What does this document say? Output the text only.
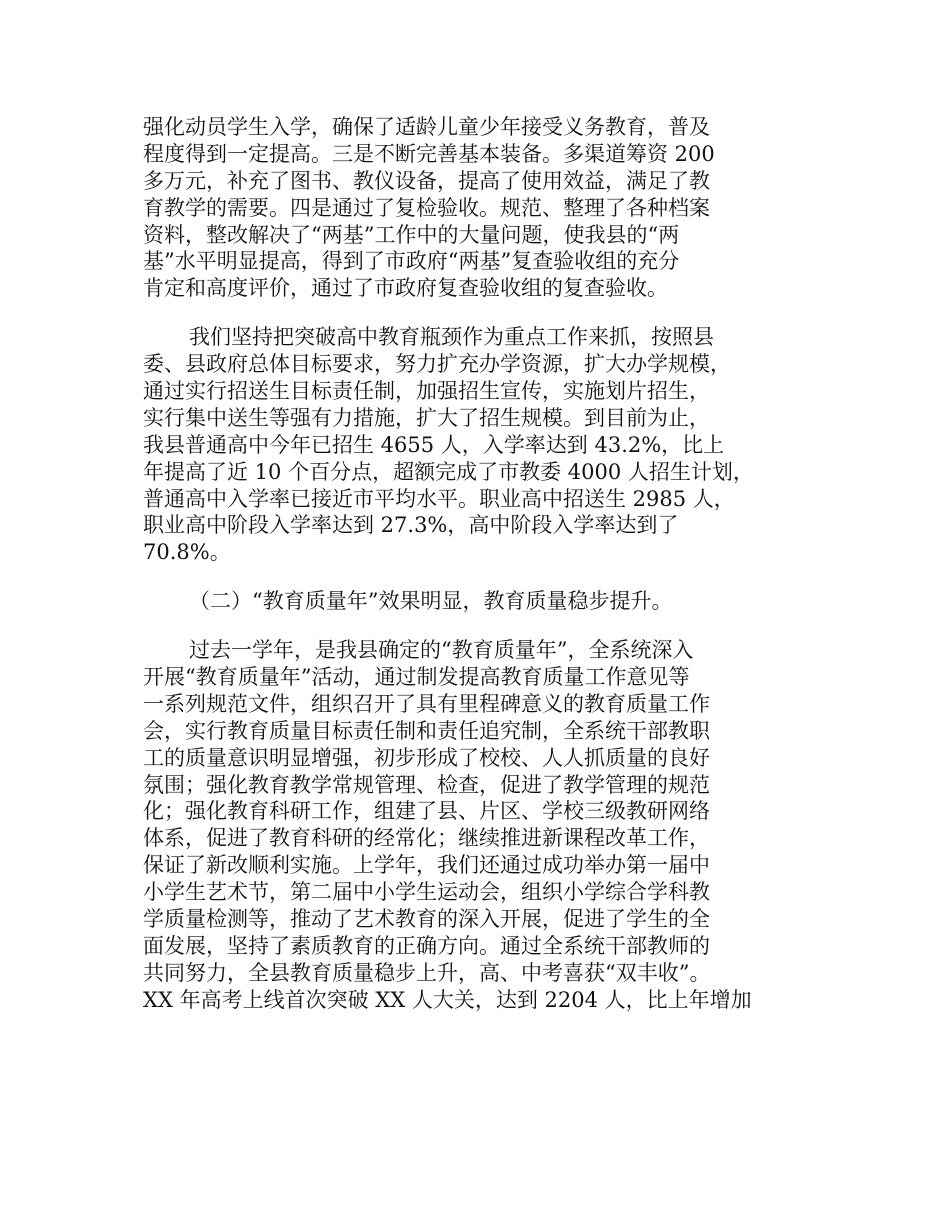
强化动员学生入学，确保了适龄儿童少年接受义务教育，普及
程度得到一定提高。三是不断完善基本装备。多渠道筹资 200
多万元，补充了图书、教仪设备，提高了使用效益，满足了教
育教学的需要。四是通过了复检验收。规范、整理了各种档案
资料，整改解决了“两基”工作中的大量问题，使我县的“两
基”水平明显提高，得到了市政府“两基”复查验收组的充分
肯定和高度评价，通过了市政府复查验收组的复查验收。
我们坚持把突破高中教育瓶颈作为重点工作来抓，按照县
委、县政府总体目标要求，努力扩充办学资源，扩大办学规模，
通过实行招送生目标责任制，加强招生宣传，实施划片招生，
实行集中送生等强有力措施，扩大了招生规模。到目前为止，
我县普通高中今年已招生 4655 人，入学率达到 43.2%，比上
年提高了近 10 个百分点，超额完成了市教委 4000 人招生计划，
普通高中入学率已接近市平均水平。职业高中招送生 2985 人，
职业高中阶段入学率达到 27.3%，高中阶段入学率达到了
70.8%。
（二）“教育质量年”效果明显，教育质量稳步提升。
过去一学年，是我县确定的“教育质量年”，全系统深入
开展“教育质量年”活动，通过制发提高教育质量工作意见等
一系列规范文件，组织召开了具有里程碑意义的教育质量工作
会，实行教育质量目标责任制和责任追究制，全系统干部教职
工的质量意识明显增强，初步形成了校校、人人抓质量的良好
氛围；强化教育教学常规管理、检查，促进了教学管理的规范
化；强化教育科研工作，组建了县、片区、学校三级教研网络
体系，促进了教育科研的经常化；继续推进新课程改革工作，
保证了新改顺利实施。上学年，我们还通过成功举办第一届中
小学生艺术节，第二届中小学生运动会，组织小学综合学科教
学质量检测等，推动了艺术教育的深入开展，促进了学生的全
面发展，坚持了素质教育的正确方向。通过全系统干部教师的
共同努力，全县教育质量稳步上升，高、中考喜获“双丰收”。
XX 年高考上线首次突破 XX 人大关，达到 2204 人，比上年增加
